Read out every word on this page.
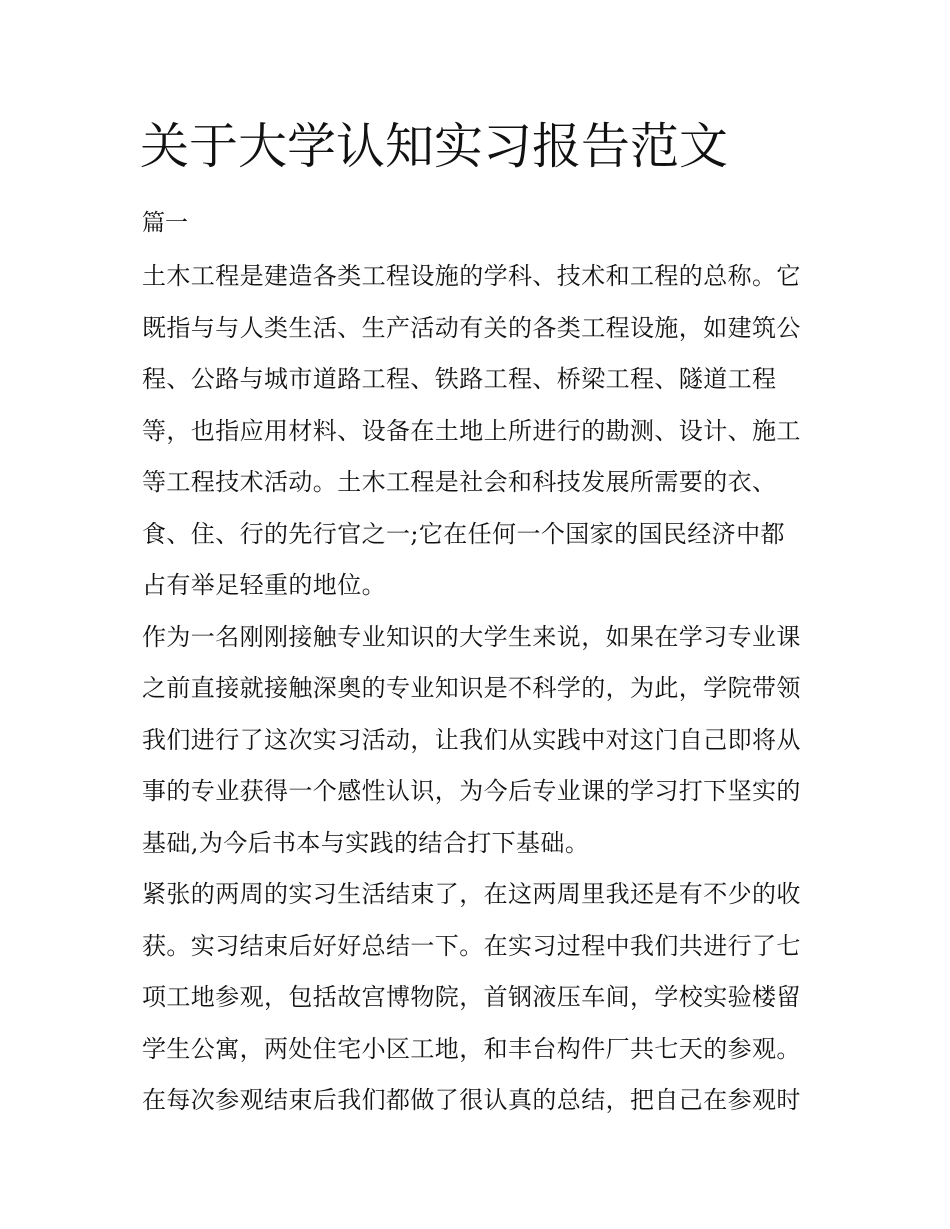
关于大学认知实习报告范文

篇一

土木工程是建造各类工程设施的学科、技术和工程的总称。它
既指与与人类生活、生产活动有关的各类工程设施，如建筑公
程、公路与城市道路工程、铁路工程、桥梁工程、隧道工程
等，也指应用材料、设备在土地上所进行的勘测、设计、施工
等工程技术活动。土木工程是社会和科技发展所需要的衣、
食、住、行的先行官之一;它在任何一个国家的国民经济中都
占有举足轻重的地位。
作为一名刚刚接触专业知识的大学生来说，如果在学习专业课
之前直接就接触深奥的专业知识是不科学的，为此，学院带领
我们进行了这次实习活动，让我们从实践中对这门自己即将从
事的专业获得一个感性认识，为今后专业课的学习打下坚实的
基础,为今后书本与实践的结合打下基础。
紧张的两周的实习生活结束了，在这两周里我还是有不少的收
获。实习结束后好好总结一下。在实习过程中我们共进行了七
项工地参观，包括故宫博物院，首钢液压车间，学校实验楼留
学生公寓，两处住宅小区工地，和丰台构件厂共七天的参观。
在每次参观结束后我们都做了很认真的总结，把自己在参观时
